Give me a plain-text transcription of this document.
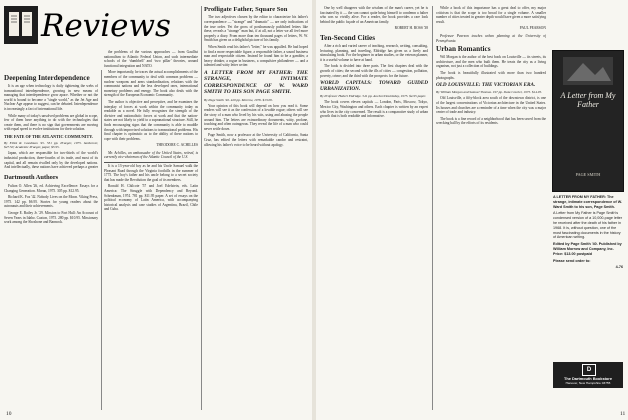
Reviews
Deepening Interdependence

It is an age when technology is daily tightening the webs of transnational interdependence, growing in new means of managing that interdependence grow apace. Whether or not the world is bound to become a "single world," as the Jet Age and Nuclear Age appear to suggest, can be debated. Interdependence is increasingly a fact of international life.

While many of today's unsolved problems are global in scope, few of them have anything to do with the technologies that create them, and there is no sign that governments are moving with equal speed to evolve institutions for their solution.

THE FATE OF THE ATLANTIC COMMUNITY.
By Elliot R. Goodman '45. 531 pp. Praeger, 1975. hardcover, $27.50; Academic Praeger, paper, $3.95.

Japan, which are responsible for two-thirds of the world's industrial production, three-fourths of its trade, and most of its capital, and all remain rivalled only by the developed nations. And intellectually, these nations have achieved perhaps a greater

Dartmouth Authors

Fulton O. Allen '26, ed. Achieving Excellence: Essays for a Changing Generation. Moran, 1975. 305 pp. $12.95.

Richard K. Fox '42. Nobody Lives on the Moon. Viking Press, 1975. 142 pp. $6.95. Stories for young readers about the astronauts and their achievements.

George E. Bailey Jr. '29. Mission to Fort Hall: An Account of Seven Years in Idaho. Caxton, 1975. 280 pp. $10.95. Missionary work among the Shoshone and Bannock.

the problems of the various approaches — from Gaullist nationalism to Atlantic Federal Union, and such intermediate schools of the ‘dumbbell’ and ‘two pillar’ theories, around functional integration and NATO.

More importantly, he traces the actual accomplishments of the members of the community to deal with common problems — nuclear weapons and arms standardization, relations with the communist nations and the less developed ones, international monetary problems and energy. The book also deals with the strength of the European Economic Community.

The author is objective and perceptive, and he examines the interplay of forces at work within the community today as readable as a novel. He fully recognizes the strength of the divisive and nationalistic forces at work and that the nation-states are not likely to yield to a supranational structure. Still, he finds encouraging signs that the community is able to muddle through with improvised solutions to transnational problems. His final chapter is optimistic as to the ability of these nations to cope with their problems.

THEODORE C. ACHILLES

Mr. Achilles, an ambassador of the United States, retired, is currently vice-chairman of the Atlantic Council of the U.S.

It is a 13-year-old boy as he and his Uncle Samuel walk the Pleasant Road through the Virginia foothills in the summer of 1775. The boy's father and his uncle belong to a secret society that has made the Revolution the goal of its members.

Ronald H. Chilcote '57 and Joel Edelstein, eds. Latin America: The Struggle with Dependency and Beyond. Schenkman, 1974. 781 pp. $11.95 paper. A set of essays on the political economy of Latin America, with accompanying historical analysis and case studies of Argentina, Brazil, Chile and Cuba.

Profligate Father, Square Son

The two adjectives chosen by the editor to characterize his father's correspondence — "strange" and "dramatic" — are only indications of the true order. Yet the gross of posthumously published letters like these, reveals a "strange" man but, if at all, not a letter we all feel more properly a diary. From more than ten thousand pages of letters, W. W. Smith has given us a delightful picture of his family.

When Smith read his father's "letter," he was appalled. He had hoped to find a more respectable figure, a responsible father, a sound business man and respectable citizen. Instead he found him to be a gambler, a heavy drinker, a rogue in business, a compulsive philanderer — and a talented and witty letter writer.

A LETTER FROM MY FATHER: THE STRANGE, INTIMATE CORRESPONDENCE OF W. WARD SMITH TO HIS SON PAGE SMITH.
By Page Smith '40. 420 pp. Morrow, 1976. $13.00.

Your opinion of this book will depend on how you read it. Some readers will see it as the confession of a lovable rogue; others will see the story of a man who lived by his wits, using and abusing the people around him. The letters are extraordinary documents, witty, profane, touching and often outrageous. They reveal the life of a man who could never settle down.

Page Smith, now a professor at the University of California, Santa Cruz, has edited the letters with remarkable candor and restraint, allowing his father's voice to be heard without apology.

10

One by well disagrees with the wisdom of the man's career, yet he is fascinated by it — the son cannot quite bring himself to condemn a father who was so vividly alive. For a reader, the book provides a rare look behind the public façade of an American family.

ROBERT H. ROSS '38
Ten-Second Cities

After a rich and varied career of teaching, research, writing, consulting, lecturing, planning, and traveling, Eldridge has given us a lively and stimulating book. For the beginner in urban studies, or the veteran planner, it is a useful volume to have at hand.

The book is divided into three parts. The first chapters deal with the growth of cities; the second with the ills of cities — congestion, pollution, poverty, crime; and the third with the prospects for the future.

WORLD CAPITALS: TOWARD GUIDED URBANIZATION.
By Professor Hubert Eldridge. 541 pp. Anchor/Doubleday, 1975. $4.95 paper.

The book covers eleven capitals — London, Paris, Moscow, Tokyo, Mexico City, Washington and others. Each chapter is written by an expert who lives in the city concerned. The result is a comparative study of urban growth that is both readable and informative.

While a book of this importance has a great deal to offer, my major criticism is that the scope is too broad for a single volume. A smaller number of cities treated in greater depth would have given a more satisfying result.

PAUL PEARSON

Professor Pearson teaches urban planning at the University of Pennsylvania.

Urban Romantics

Wil Morgan is the author of the best book on Louisville — its streets, its architecture, and the men who built them. He treats the city as a living organism, not just a collection of buildings.

The book is beautifully illustrated with more than two hundred photographs.

OLD LOUISVILLE: THE VICTORIAN ERA.
By William Morgan and Samuel Thomas. 197 pp. Data Courier, 1975. $14.95.

Old Louisville, a fifty-block area south of the downtown district, is one of the largest concentrations of Victorian architecture in the United States. Its houses and churches are a reminder of a time when the city was a major center of trade and industry.

The book is a fine record of a neighborhood that has been saved from the wrecking ball by the efforts of its residents.

11
A Letter from My Father
PAGE SMITH

A LETTER FROM MY FATHER: The strange, intimate correspondence of W. Ward Smith to his son, Page Smith.

A Letter from My Father is Page Smith's condensed version of a 10,000-page letter he received after the death of his father in 1968. It is, without question, one of the most fascinating documents in the history of American writing.

Edited by Page Smith '40. Published by William Morrow and Company, Inc. Price: $13.00 postpaid

Please send order to:

4-76
D
The Dartmouth Bookstore
Hanover, New Hampshire 03755
